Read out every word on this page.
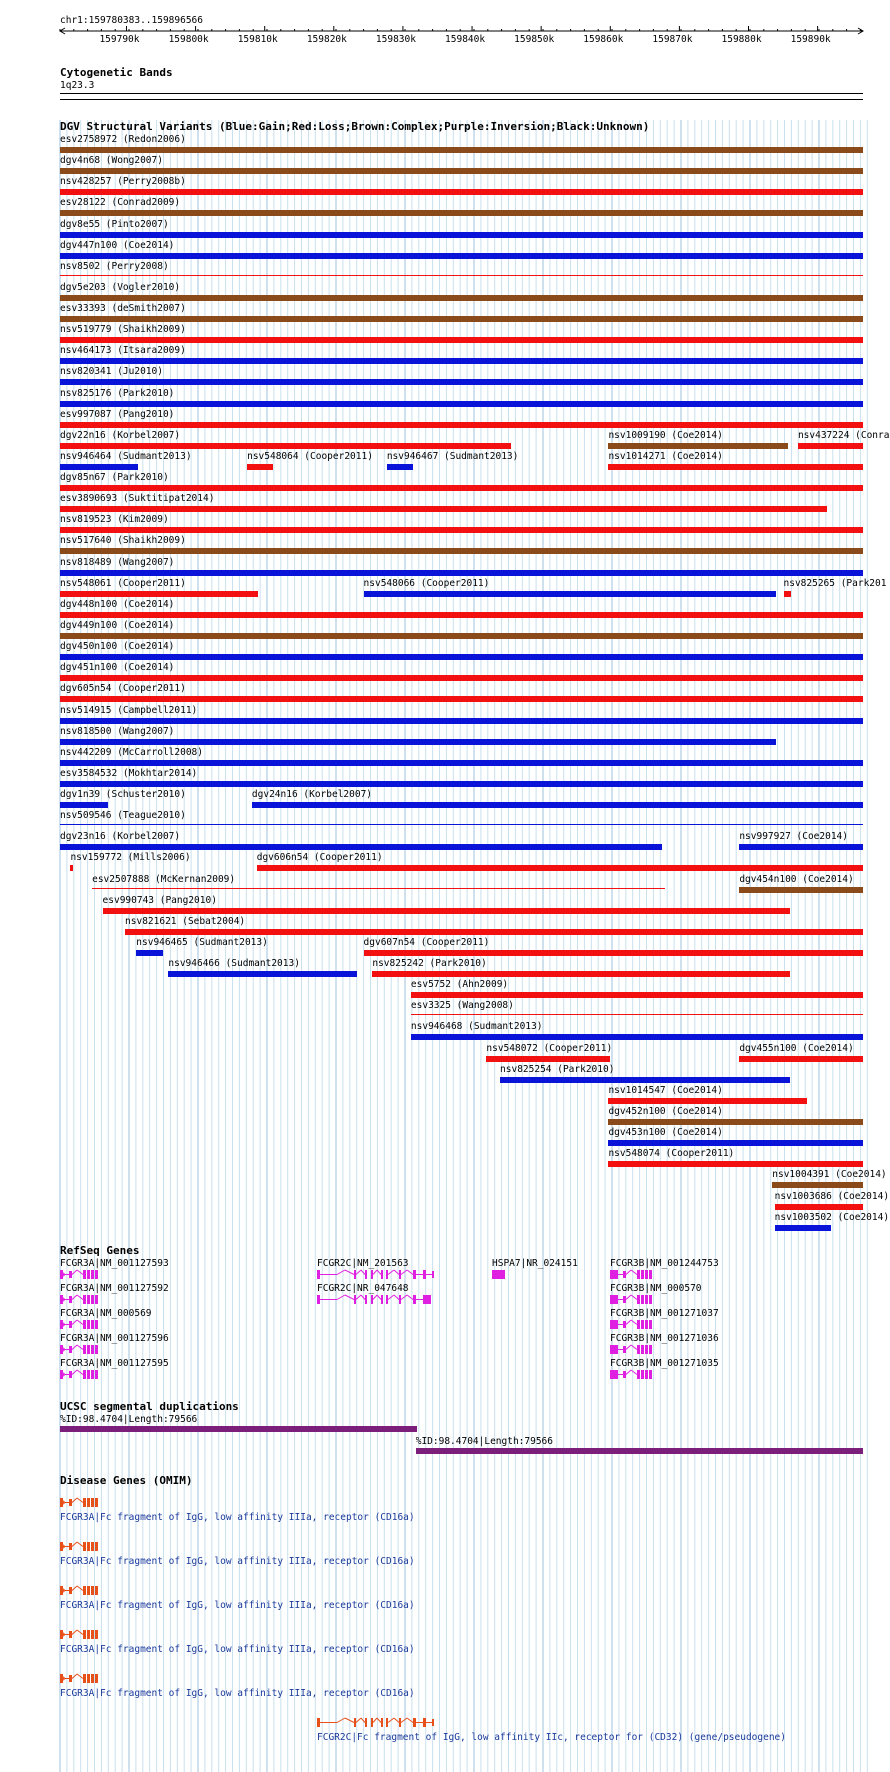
chr1:159780383..159896566
159790k	159800k	159810k	159820k	159830k	159840k	159850k	159860k	159870k	159880k	159890k
Cytogenetic Bands
1q23.3
DGV Structural Variants (Blue:Gain;Red:Loss;Brown:Complex;Purple:Inversion;Black:Unknown)
esv2758972 (Redon2006)
dgv4n68 (Wong2007)
nsv428257 (Perry2008b)
esv28122 (Conrad2009)
dgv8e55 (Pinto2007)
dgv447n100 (Coe2014)
nsv8502 (Perry2008)
dgv5e203 (Vogler2010)
esv33393 (deSmith2007)
nsv519779 (Shaikh2009)
nsv464173 (Itsara2009)
nsv820341 (Ju2010)
nsv825176 (Park2010)
esv997087 (Pang2010)
dgv22n16 (Korbel2007)	nsv1009190 (Coe2014)	nsv437224 (Conra
nsv946464 (Sudmant2013)	nsv548064 (Cooper2011) nsv946467 (Sudmant2013)	nsv1014271 (Coe2014)
dgv85n67 (Park2010)
esv3890693 (Suktitipat2014)
nsv819523 (Kim2009)
nsv517640 (Shaikh2009)
nsv818489 (Wang2007)
nsv548061 (Cooper2011)	nsv548066 (Cooper2011)	nsv825265 (Park201
dgv448n100 (Coe2014)
dgv449n100 (Coe2014)
dgv450n100 (Coe2014)
dgv451n100 (Coe2014)
dgv605n54 (Cooper2011)
nsv514915 (Campbell2011)
nsv818500 (Wang2007)
nsv442209 (McCarroll2008)
esv3584532 (Mokhtar2014)
dgv1n39 (Schuster2010)	dgv24n16 (Korbel2007)
nsv509546 (Teague2010)
dgv23n16 (Korbel2007)	nsv997927 (Coe2014)
nsv159772 (Mills2006)	dgv606n54 (Cooper2011)
esv2507888 (McKernan2009)	dgv454n100 (Coe2014)
esv990743 (Pang2010)
nsv821621 (Sebat2004)
nsv946465 (Sudmant2013)	dgv607n54 (Cooper2011)
nsv946466 (Sudmant2013)	nsv825242 (Park2010)
esv5752 (Ahn2009)
esv3325 (Wang2008)
nsv946468 (Sudmant2013)
nsv548072 (Cooper2011)	dgv455n100 (Coe2014)
nsv825254 (Park2010)
nsv1014547 (Coe2014)
dgv452n100 (Coe2014)
dgv453n100 (Coe2014)
nsv548074 (Cooper2011)
nsv1004391 (Coe2014)
nsv1003686 (Coe2014)
nsv1003502 (Coe2014)
RefSeq Genes
FCGR3A|NM_001127593
FCGR3A|NM_001127592
FCGR3A|NM_000569
FCGR3A|NM_001127596
FCGR3A|NM_001127595
FCGR2C|NM_201563
FCGR2C|NR_047648
HSPA7|NR_024151	FCGR3B|NM_001244753
FCGR3B|NM_000570
FCGR3B|NM_001271037
FCGR3B|NM_001271036
FCGR3B|NM_001271035
UCSC segmental duplications
%ID:98.4704|Length:79566
%ID:98.4704|Length:79566
Disease Genes (OMIM)
FCGR3A|Fc fragment of IgG, low affinity IIIa, receptor (CD16a)
FCGR3A|Fc fragment of IgG, low affinity IIIa, receptor (CD16a)
FCGR3A|Fc fragment of IgG, low affinity IIIa, receptor (CD16a)
FCGR3A|Fc fragment of IgG, low affinity IIIa, receptor (CD16a)
FCGR3A|Fc fragment of IgG, low affinity IIIa, receptor (CD16a)
FCGR2C|Fc fragment of IgG, low affinity IIc, receptor for (CD32) (gene/pseudogene)
